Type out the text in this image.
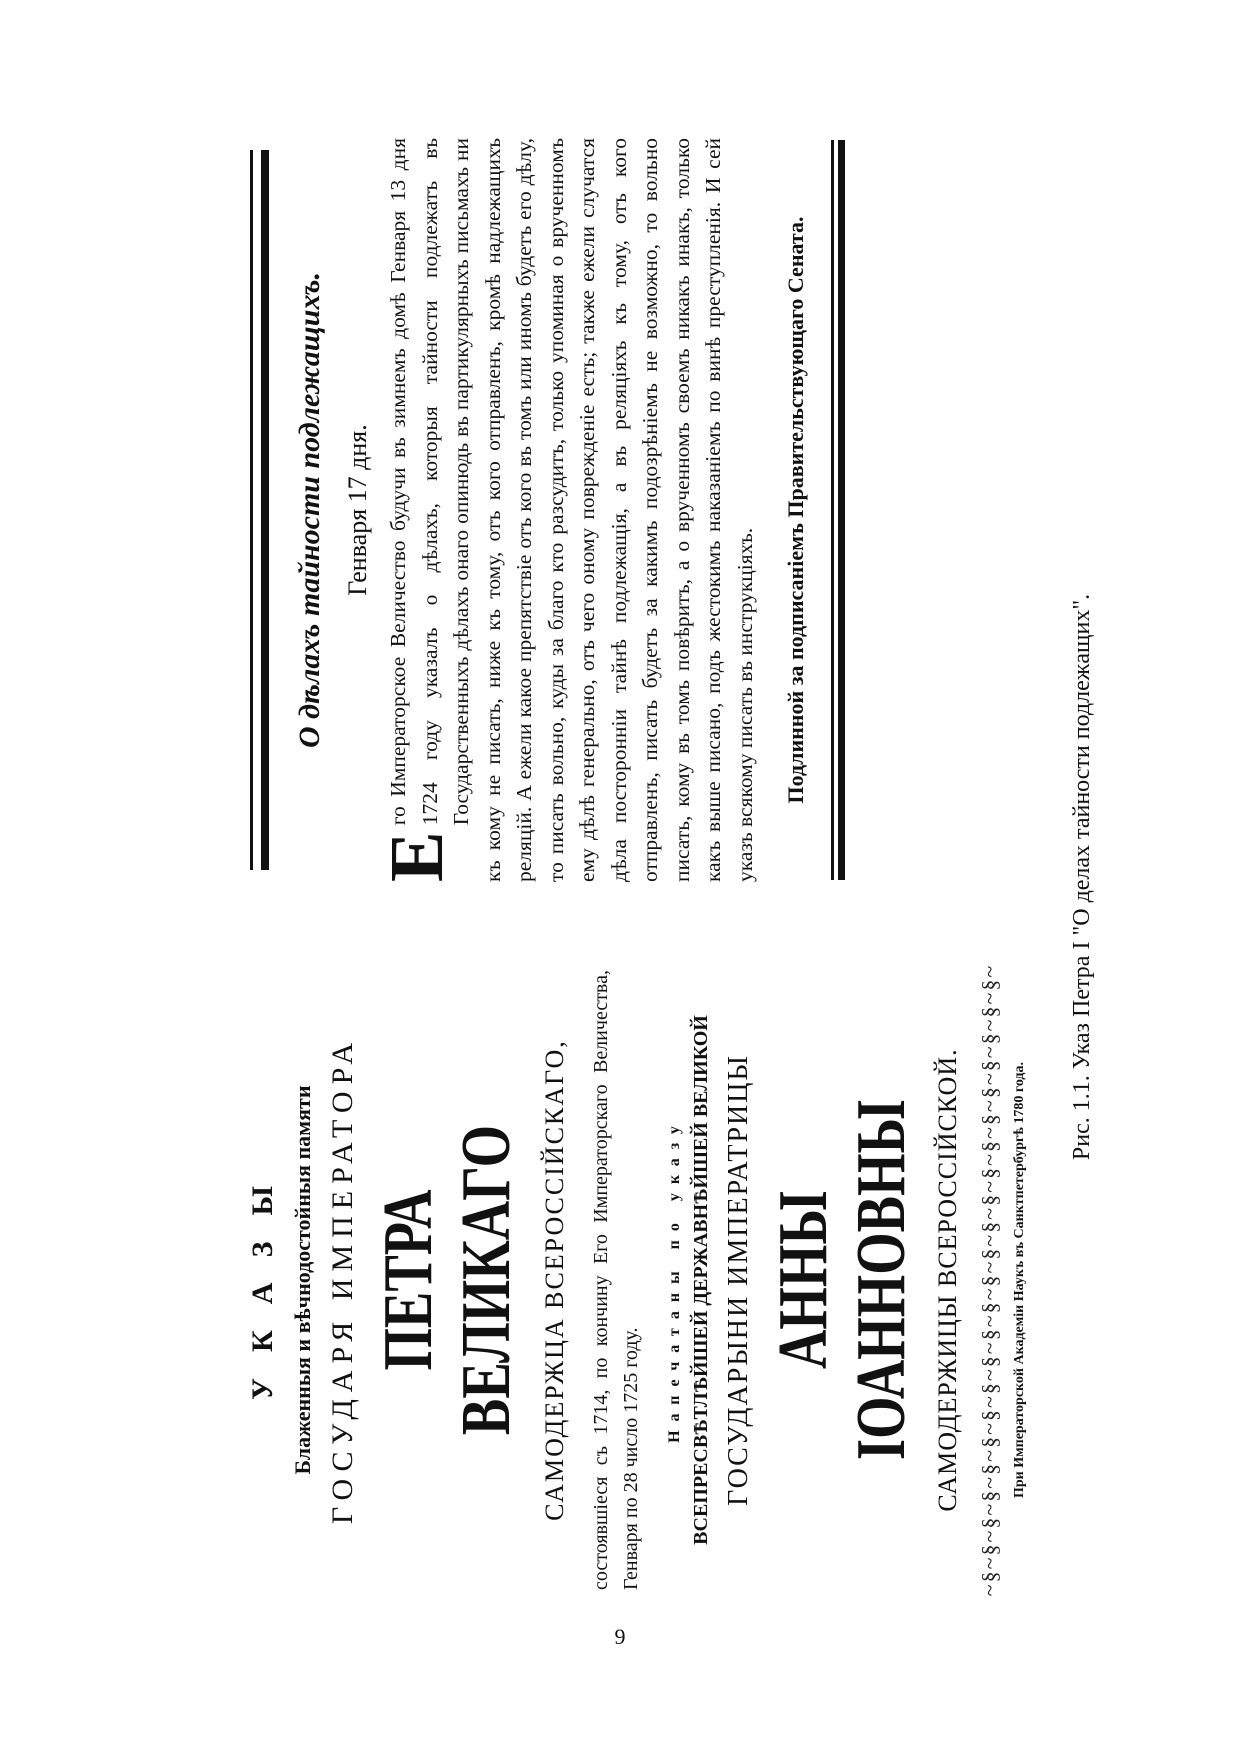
УКАЗЫ Блаженныя и вѣчнодостойныя памяти ГОСУДАРЯ ИМПЕРАТОРА ПЕТРА ВЕЛИКАГО САМОДЕРЖЦА ВСЕРОССІЙСКАГО, состоявшіеся съ 1714, по кончину Его Императорскаго Величества, Генваря по 28 число 1725 году.
Напечатаны по указу ВСЕПРЕСВѢТЛѢЙШЕЙ ДЕРЖАВНѢЙШЕЙ ВЕЛИКОЙ ГОСУДАРЫНИ ИМПЕРАТРИЦЫ АННЫ ІОАННОВНЫ САМОДЕРЖИЦЫ ВСЕРОССІЙСКОЙ. ~§~§~§~§~§~§~§~§~§~§~§~§~§~§~§~§~§~§~§~§~§~§~§~ При Императорской Академіи Наукъ въ Санктпетербургѣ 1780 года.
О дѣлахъ тайности подлежащихъ. Генваря 17 дня.
Е
го Императорское Величество будучи въ зимнемъ домѣ Генваря 13 дня 1724 году указалъ о дѣлахъ, которыя тайности подлежатъ въ Государственныхъ дѣлахъ онаго опинюдь въ партикулярныхъ письмахъ ни къ кому не писать, ниже къ тому, отъ кого отправленъ, кромѣ надлежащихъ реляцій. А ежели какое препятствіе отъ кого въ томъ или иномъ будетъ его дѣлу, то писать вольно, куды за благо кто разсудитъ, только упоминая о врученномъ ему дѣлѣ генерально, отъ чего оному поврежденіе есть; также ежели случатся дѣла посторонніи тайнѣ подлежащія, а въ реляціяхъ къ тому, отъ кого отправленъ, писать будетъ за какимъ подозрѣніемъ не возможно, то вольно писать, кому въ томъ повѣритъ, а о врученномъ своемъ никакъ инакъ, только какъ выше писано, подъ жестокимъ наказаніемъ по винѣ преступленія. И сей указъ всякому писать въ инструкціяхъ. Подлинной за подписаніемъ Правительствующаго Сената.
Рис. 1.1. Указ Петра I "О делах тайности подлежащих".
9
